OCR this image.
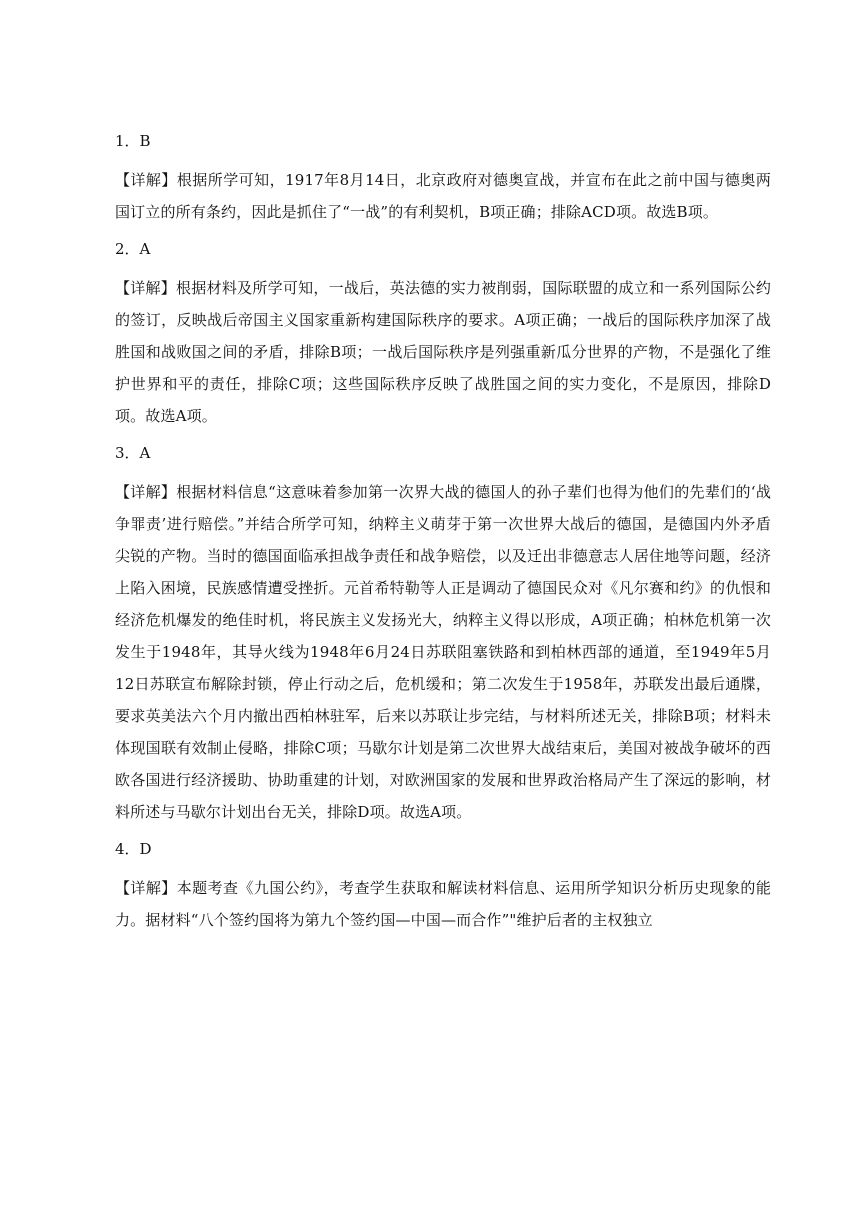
1．B
【详解】根据所学可知，1917年8月14日，北京政府对德奥宣战，并宣布在此之前中国与德奥两国订立的所有条约，因此是抓住了“一战”的有利契机，B项正确；排除ACD项。故选B项。
2．A
【详解】根据材料及所学可知，一战后，英法德的实力被削弱，国际联盟的成立和一系列国际公约的签订，反映战后帝国主义国家重新构建国际秩序的要求。A项正确；一战后的国际秩序加深了战胜国和战败国之间的矛盾，排除B项；一战后国际秩序是列强重新瓜分世界的产物，不是强化了维护世界和平的责任，排除C项；这些国际秩序反映了战胜国之间的实力变化，不是原因，排除D项。故选A项。
3．A
【详解】根据材料信息“这意味着参加第一次界大战的德国人的孙子辈们也得为他们的先辈们的‘战争罪责’进行赔偿。”并结合所学可知，纳粹主义萌芽于第一次世界大战后的德国，是德国内外矛盾尖锐的产物。当时的德国面临承担战争责任和战争赔偿，以及迁出非德意志人居住地等问题，经济上陷入困境，民族感情遭受挫折。元首希特勒等人正是调动了德国民众对《凡尔赛和约》的仇恨和经济危机爆发的绝佳时机，将民族主义发扬光大，纳粹主义得以形成，A项正确；柏林危机第一次发生于1948年，其导火线为1948年6月24日苏联阻塞铁路和到柏林西部的通道，至1949年5月12日苏联宣布解除封锁，停止行动之后，危机缓和；第二次发生于1958年，苏联发出最后通牒，要求英美法六个月内撤出西柏林驻军，后来以苏联让步完结，与材料所述无关，排除B项；材料未体现国联有效制止侵略，排除C项；马歇尔计划是第二次世界大战结束后，美国对被战争破坏的西欧各国进行经济援助、协助重建的计划，对欧洲国家的发展和世界政治格局产生了深远的影响，材料所述与马歇尔计划出台无关，排除D项。故选A项。
4．D
【详解】本题考查《九国公约》，考查学生获取和解读材料信息、运用所学知识分析历史现象的能力。据材料“八个签约国将为第九个签约国—中国—而合作”"维护后者的主权独立
